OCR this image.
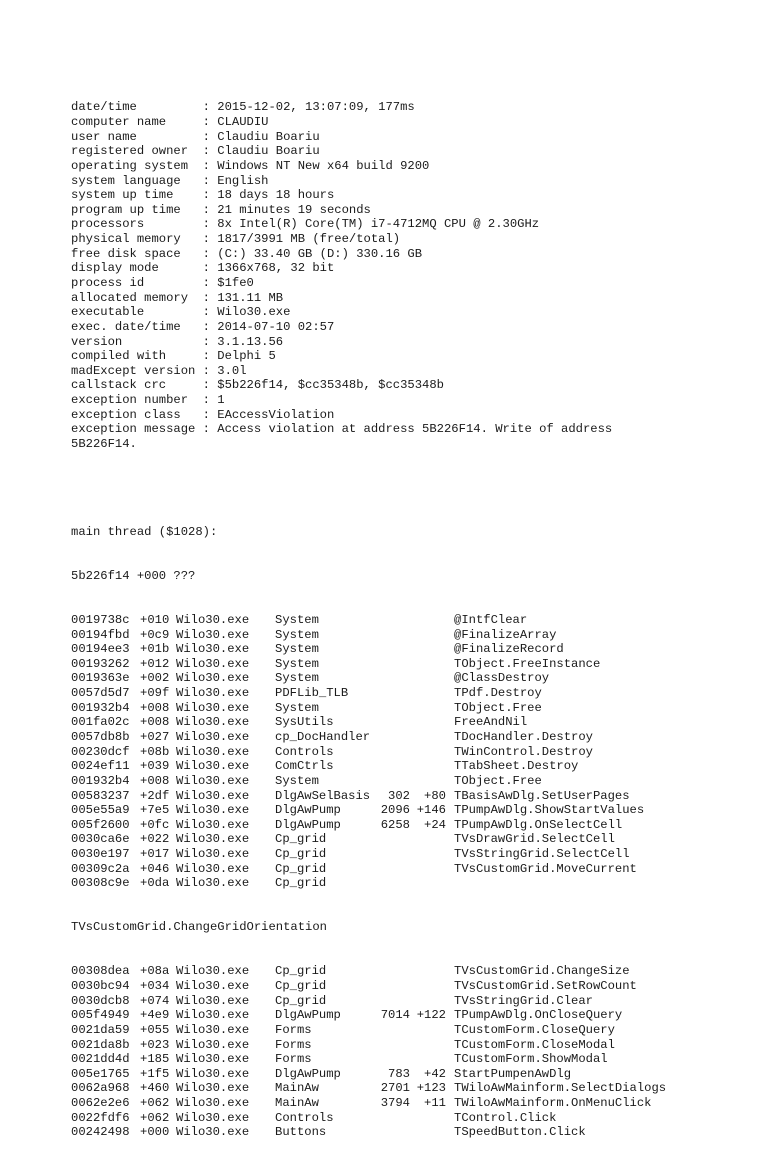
date/time         : 2015-12-02, 13:07:09, 177ms
computer name     : CLAUDIU
user name         : Claudiu Boariu
registered owner  : Claudiu Boariu
operating system  : Windows NT New x64 build 9200
system language   : English
system up time    : 18 days 18 hours
program up time   : 21 minutes 19 seconds
processors        : 8x Intel(R) Core(TM) i7-4712MQ CPU @ 2.30GHz
physical memory   : 1817/3991 MB (free/total)
free disk space   : (C:) 33.40 GB (D:) 330.16 GB
display mode      : 1366x768, 32 bit
process id        : $1fe0
allocated memory  : 131.11 MB
executable        : Wilo30.exe
exec. date/time   : 2014-07-10 02:57
version           : 3.1.13.56
compiled with     : Delphi 5
madExcept version : 3.0l
callstack crc     : $5b226f14, $cc35348b, $cc35348b
exception number  : 1
exception class   : EAccessViolation
exception message : Access violation at address 5B226F14. Write of address
5B226F14.

main thread ($1028):

5b226f14 +000 ???

0019738c +010 Wilo30.exe System	@IntfClear
00194fbd +0c9 Wilo30.exe System	@FinalizeArray
00194ee3 +01b Wilo30.exe System	@FinalizeRecord
00193262 +012 Wilo30.exe System	TObject.FreeInstance
0019363e +002 Wilo30.exe System	@ClassDestroy
0057d5d7 +09f Wilo30.exe PDFLib_TLB	TPdf.Destroy
001932b4 +008 Wilo30.exe System	TObject.Free
001fa02c +008 Wilo30.exe SysUtils	FreeAndNil
0057db8b +027 Wilo30.exe cp_DocHandler	TDocHandler.Destroy
00230dcf +08b Wilo30.exe Controls	TWinControl.Destroy
0024ef11 +039 Wilo30.exe ComCtrls	TTabSheet.Destroy
001932b4 +008 Wilo30.exe System	TObject.Free
00583237 +2df Wilo30.exe DlgAwSelBasis	302	+80 TBasisAwDlg.SetUserPages
005e55a9 +7e5 Wilo30.exe DlgAwPump	2096 +146 TPumpAwDlg.ShowStartValues
005f2600 +0fc Wilo30.exe DlgAwPump	6258	+24 TPumpAwDlg.OnSelectCell
0030ca6e +022 Wilo30.exe Cp_grid	TVsDrawGrid.SelectCell
0030e197 +017 Wilo30.exe Cp_grid	TVsStringGrid.SelectCell
00309c2a +046 Wilo30.exe Cp_grid	TVsCustomGrid.MoveCurrent
00308c9e +0da Wilo30.exe Cp_grid

TVsCustomGrid.ChangeGridOrientation

00308dea +08a Wilo30.exe Cp_grid	TVsCustomGrid.ChangeSize
0030bc94 +034 Wilo30.exe Cp_grid	TVsCustomGrid.SetRowCount
0030dcb8 +074 Wilo30.exe Cp_grid	TVsStringGrid.Clear
005f4949 +4e9 Wilo30.exe DlgAwPump	7014 +122 TPumpAwDlg.OnCloseQuery
0021da59 +055 Wilo30.exe Forms	TCustomForm.CloseQuery
0021da8b +023 Wilo30.exe Forms	TCustomForm.CloseModal
0021dd4d +185 Wilo30.exe Forms	TCustomForm.ShowModal
005e1765 +1f5 Wilo30.exe DlgAwPump	783	+42 StartPumpenAwDlg
0062a968 +460 Wilo30.exe MainAw	2701 +123 TWiloAwMainform.SelectDialogs
0062e2e6 +062 Wilo30.exe MainAw	3794	+11 TWiloAwMainform.OnMenuClick
0022fdf6 +062 Wilo30.exe Controls	TControl.Click
00242498 +000 Wilo30.exe Buttons	TSpeedButton.Click
